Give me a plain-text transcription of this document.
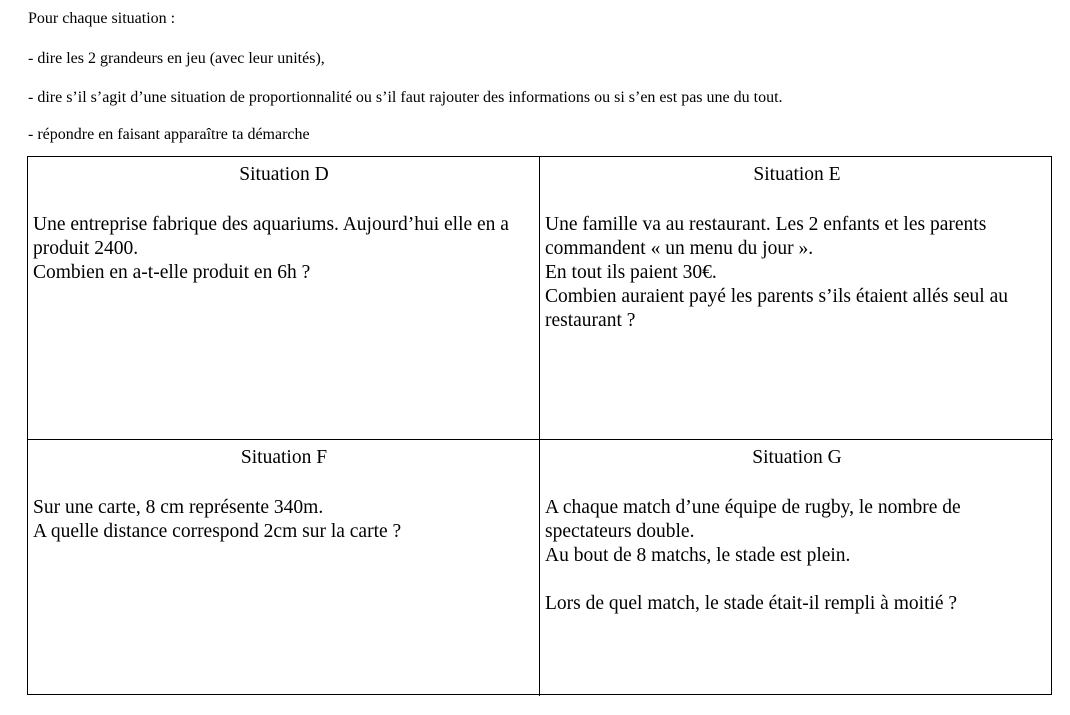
Pour chaque situation :
- dire les 2 grandeurs en jeu (avec leur unités),
- dire s’il s’agit d’une situation de proportionnalité ou s’il faut rajouter des informations ou si s’en est pas une du tout.
- répondre en faisant apparaître ta démarche
Situation D

Une entreprise fabrique des aquariums. Aujourd’hui elle en a produit 2400.

Combien en a-t-elle produit en 6h ?

Situation E

Une famille va au restaurant. Les 2 enfants et les parents commandent « un menu du jour ».

En tout ils paient 30€.

Combien auraient payé les parents s’ils étaient allés seul au restaurant ?

Situation F

Sur une carte, 8 cm représente 340m.

A quelle distance correspond 2cm sur la carte ?

Situation G

A chaque match d’une équipe de rugby, le nombre de spectateurs double.

Au bout de 8 matchs, le stade est plein.

Lors de quel match, le stade était-il rempli à moitié ?
